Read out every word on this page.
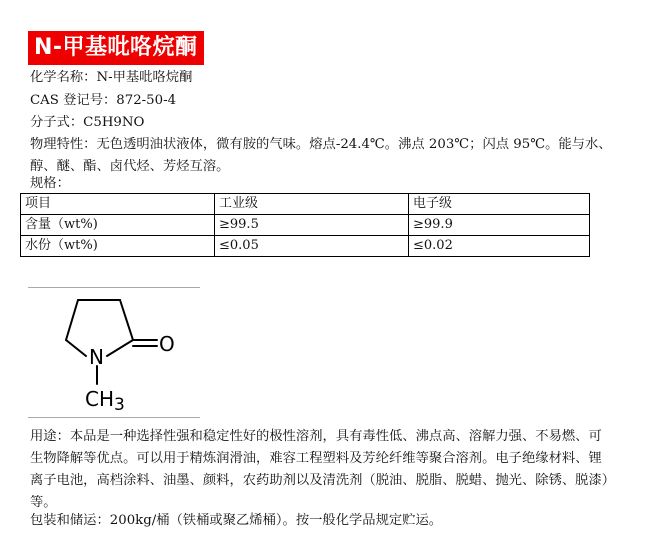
N-甲基吡咯烷酮
化学名称：N-甲基吡咯烷酮
CAS 登记号：872-50-4
分子式：C5H9NO
物理特性：无色透明油状液体，微有胺的气味。熔点-24.4℃。沸点 203℃；闪点 95℃。能与水、醇、醚、酯、卤代烃、芳烃互溶。
规格：
项目	工业级	电子级
含量（wt%)	≥99.5	≥99.9
水份（wt%)	≤0.05	≤0.02
O
N
$CH_3$
用途：本品是一种选择性强和稳定性好的极性溶剂，具有毒性低、沸点高、溶解力强、不易燃、可生物降解等优点。可以用于精炼润滑油，难容工程塑料及芳纶纤维等聚合溶剂。电子绝缘材料、锂离子电池，高档涂料、油墨、颜料，农药助剂以及清洗剂（脱油、脱脂、脱蜡、抛光、除锈、脱漆）等。
包装和储运：200kg/桶（铁桶或聚乙烯桶）。按一般化学品规定贮运。
